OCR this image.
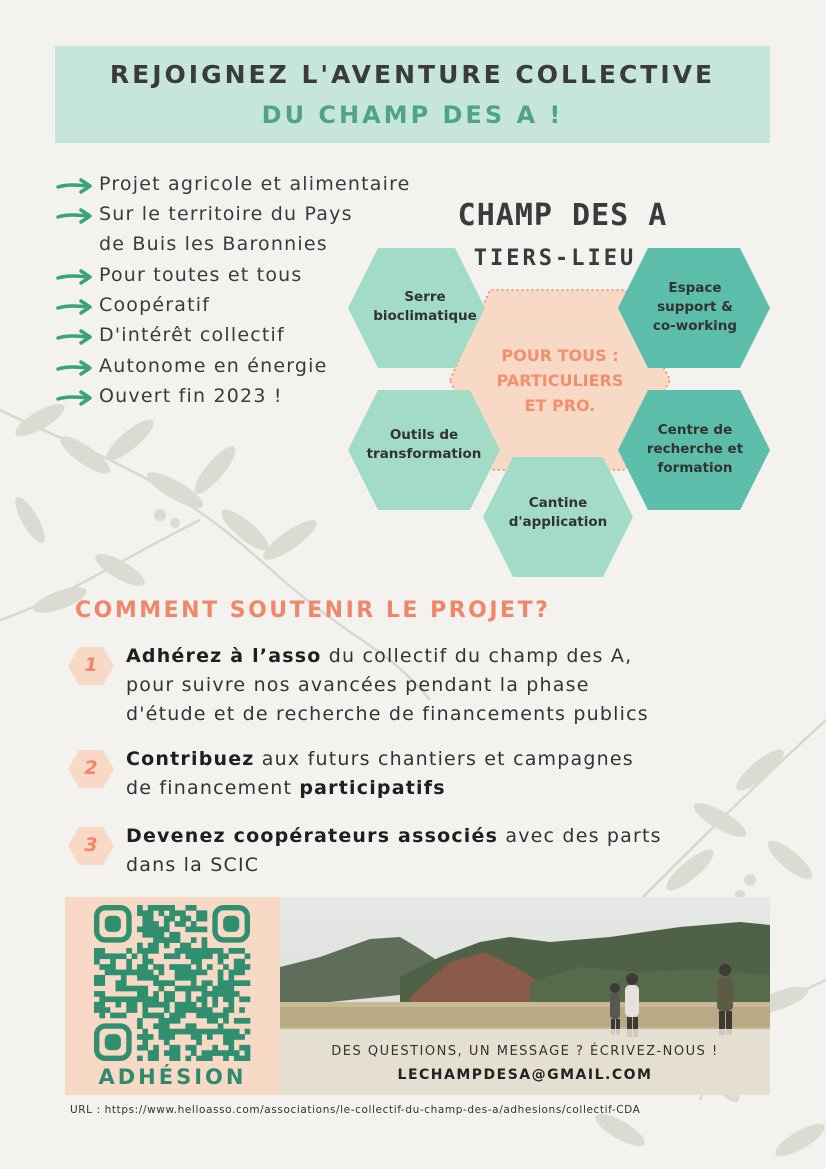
REJOIGNEZ L'AVENTURE COLLECTIVE
DU CHAMP DES A !
Projet agricole et alimentaire
Sur le territoire du Pays
de Buis les Baronnies
Pour toutes et tous
Coopératif
D'intérêt collectif
Autonome en énergie
Ouvert fin 2023 !
CHAMP DES A
TIERS-LIEU
Serre
bioclimatique
Espace
support &
co-working
Outils de
transformation
Centre de
recherche et
formation
Cantine
d'application
POUR TOUS :
PARTICULIERS
ET PRO.
COMMENT SOUTENIR LE PROJET?
1	Adhérez à l’asso du collectif du champ des A,
pour suivre nos avancées pendant la phase
d'étude et de recherche de financements publics
2	Contribuez aux futurs chantiers et campagnes
de financement participatifs
3	Devenez coopérateurs associés avec des parts
dans la SCIC
ADHÉSION
DES QUESTIONS, UN MESSAGE ? ÉCRIVEZ-NOUS !
LECHAMPDESA@GMAIL.COM
URL : https://www.helloasso.com/associations/le-collectif-du-champ-des-a/adhesions/collectif-CDA
